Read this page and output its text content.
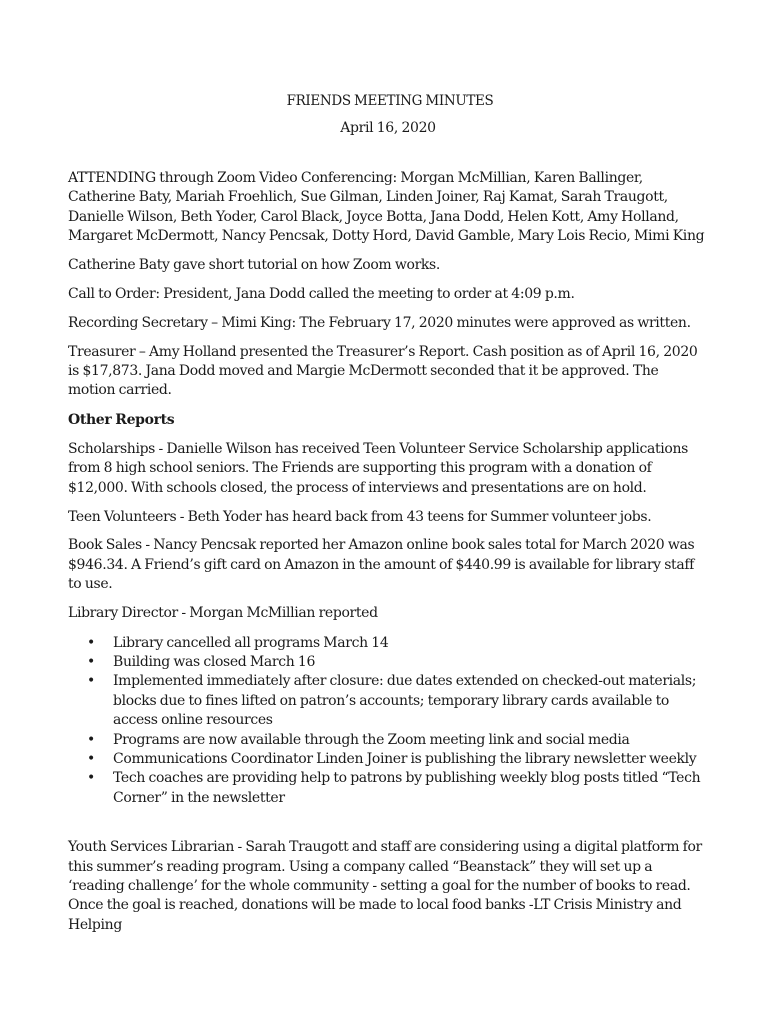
FRIENDS MEETING MINUTES

April 16, 2020

ATTENDING through Zoom Video Conferencing: Morgan McMillian, Karen Ballinger, Catherine Baty, Mariah Froehlich, Sue Gilman, Linden Joiner, Raj Kamat, Sarah Traugott, Danielle Wilson, Beth Yoder, Carol Black, Joyce Botta, Jana Dodd, Helen Kott, Amy Holland, Margaret McDermott, Nancy Pencsak, Dotty Hord, David Gamble, Mary Lois Recio, Mimi King

Catherine Baty gave short tutorial on how Zoom works.

Call to Order: President, Jana Dodd called the meeting to order at 4:09 p.m.

Recording Secretary – Mimi King: The February 17, 2020 minutes were approved as written.

Treasurer – Amy Holland presented the Treasurer’s Report. Cash position as of April 16, 2020 is $17,873. Jana Dodd moved and Margie McDermott seconded that it be approved. The motion carried.

Other Reports

Scholarships - Danielle Wilson has received Teen Volunteer Service Scholarship applications from 8 high school seniors. The Friends are supporting this program with a donation of $12,000. With schools closed, the process of interviews and presentations are on hold.

Teen Volunteers - Beth Yoder has heard back from 43 teens for Summer volunteer jobs.

Book Sales - Nancy Pencsak reported her Amazon online book sales total for March 2020 was $946.34. A Friend’s gift card on Amazon in the amount of $440.99 is available for library staff to use.

Library Director - Morgan McMillian reported

• Library cancelled all programs March 14
• Building was closed March 16
• Implemented immediately after closure: due dates extended on checked-out materials; blocks due to fines lifted on patron’s accounts; temporary library cards available to access online resources
• Programs are now available through the Zoom meeting link and social media
• Communications Coordinator Linden Joiner is publishing the library newsletter weekly
• Tech coaches are providing help to patrons by publishing weekly blog posts titled “Tech Corner” in the newsletter

Youth Services Librarian - Sarah Traugott and staff are considering using a digital platform for this summer’s reading program. Using a company called “Beanstack” they will set up a ‘reading challenge’ for the whole community - setting a goal for the number of books to read. Once the goal is reached, donations will be made to local food banks -LT Crisis Ministry and Helping
